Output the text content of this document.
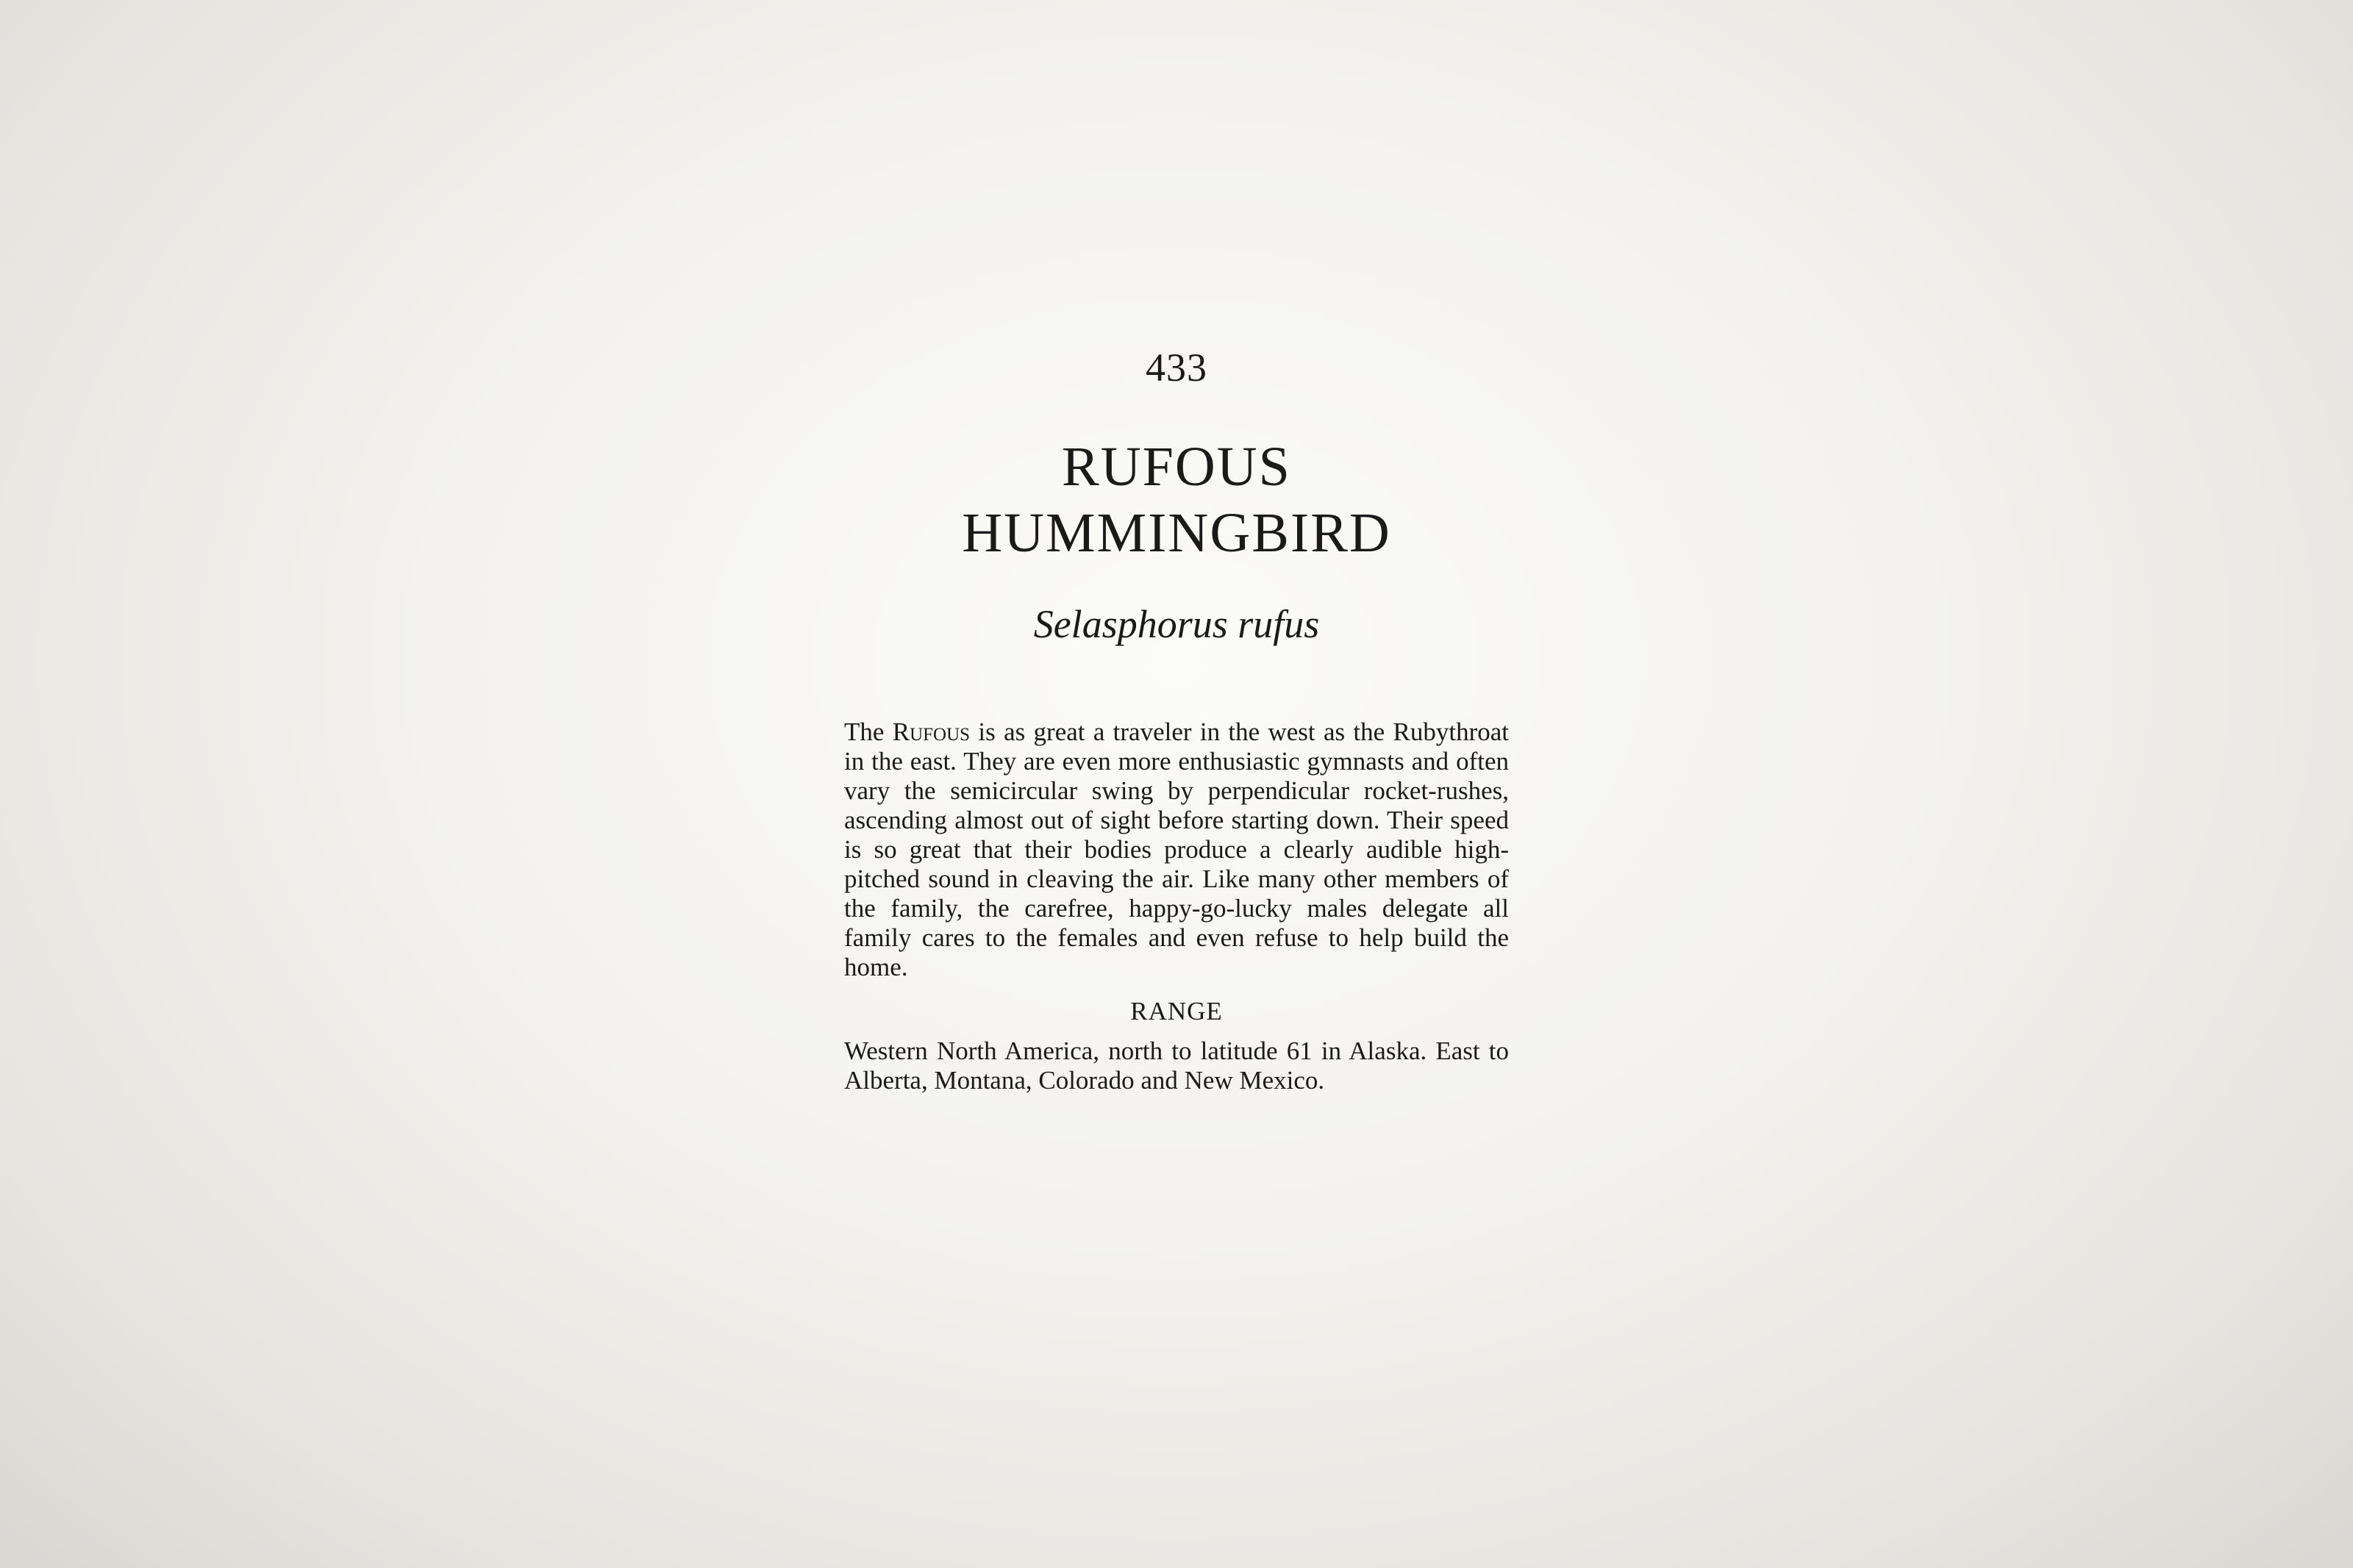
433

RUFOUS HUMMINGBIRD

Selasphorus rufus

The Rufous is as great a traveler in the west as the Rubythroat in the east. They are even more enthusiastic gymnasts and often vary the semicircular swing by perpendicular rocket-rushes, ascending almost out of sight before starting down. Their speed is so great that their bodies produce a clearly audible high-pitched sound in cleaving the air. Like many other members of the family, the carefree, happy-go-lucky males delegate all family cares to the females and even refuse to help build the home.

RANGE

Western North America, north to latitude 61 in Alaska. East to Alberta, Montana, Colorado and New Mexico.
